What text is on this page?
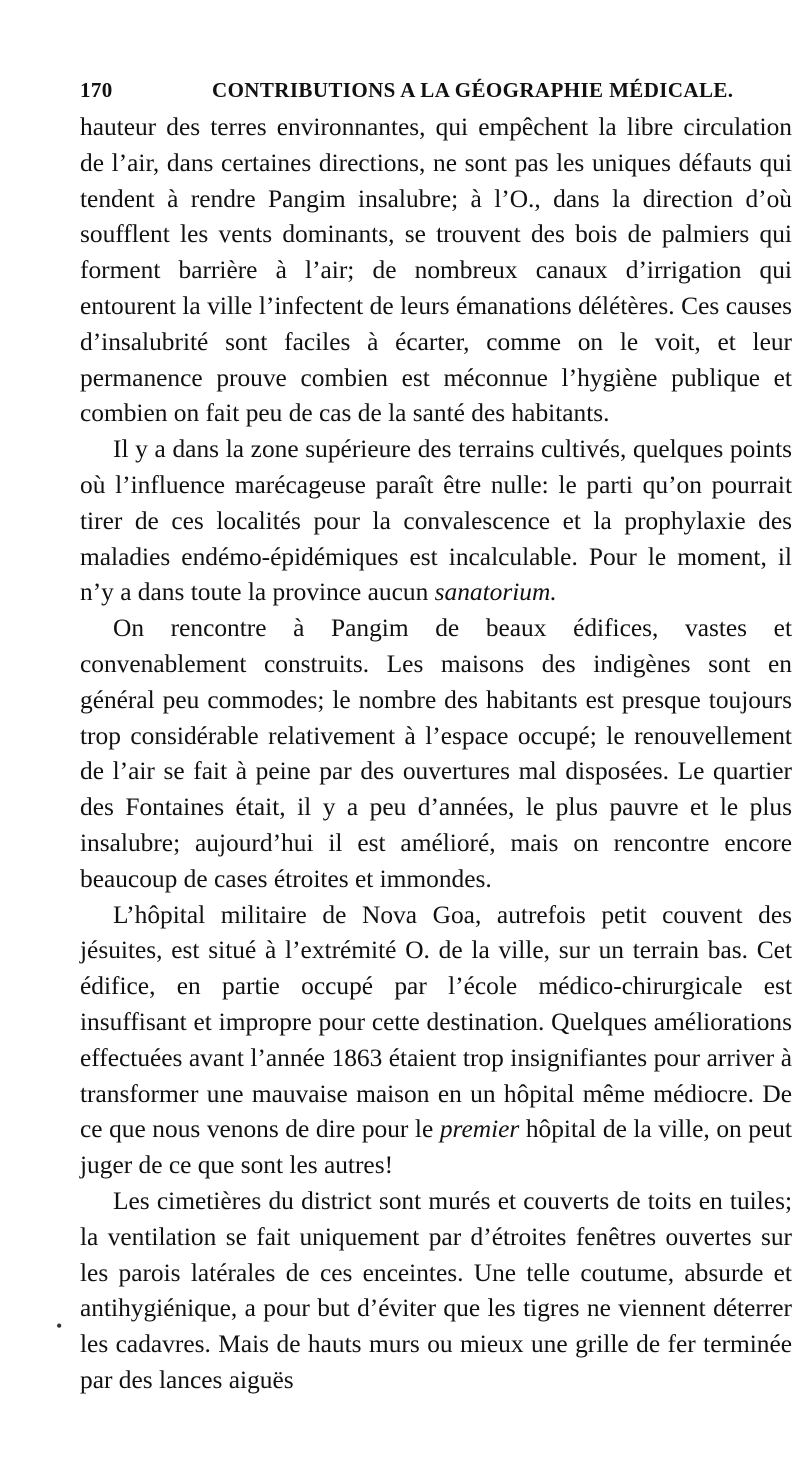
170	CONTRIBUTIONS A LA GÉOGRAPHIE MÉDICALE.

hauteur des terres environnantes, qui empêchent la libre circulation de l’air, dans certaines directions, ne sont pas les uniques défauts qui tendent à rendre Pangim insalubre; à l’O., dans la direction d’où soufflent les vents dominants, se trouvent des bois de palmiers qui forment barrière à l’air; de nombreux canaux d’irrigation qui entourent la ville l’infectent de leurs émanations délétères. Ces causes d’insalubrité sont faciles à écarter, comme on le voit, et leur permanence prouve combien est méconnue l’hygiène publique et combien on fait peu de cas de la santé des habitants.

Il y a dans la zone supérieure des terrains cultivés, quelques points où l’influence marécageuse paraît être nulle: le parti qu’on pourrait tirer de ces localités pour la convalescence et la prophylaxie des maladies endémo-épidémiques est incalculable. Pour le moment, il n’y a dans toute la province aucun sanatorium.

On rencontre à Pangim de beaux édifices, vastes et convenablement construits. Les maisons des indigènes sont en général peu commodes; le nombre des habitants est presque toujours trop considérable relativement à l’espace occupé; le renouvellement de l’air se fait à peine par des ouvertures mal disposées. Le quartier des Fontaines était, il y a peu d’années, le plus pauvre et le plus insalubre; aujourd’hui il est amélioré, mais on rencontre encore beaucoup de cases étroites et immondes.

L’hôpital militaire de Nova Goa, autrefois petit couvent des jésuites, est situé à l’extrémité O. de la ville, sur un terrain bas. Cet édifice, en partie occupé par l’école médico-chirurgicale est insuffisant et impropre pour cette destination. Quelques améliorations effectuées avant l’année 1863 étaient trop insignifiantes pour arriver à transformer une mauvaise maison en un hôpital même médiocre. De ce que nous venons de dire pour le premier hôpital de la ville, on peut juger de ce que sont les autres!

Les cimetières du district sont murés et couverts de toits en tuiles; la ventilation se fait uniquement par d’étroites fenêtres ouvertes sur les parois latérales de ces enceintes. Une telle coutume, absurde et antihygiénique, a pour but d’éviter que les tigres ne viennent déterrer les cadavres. Mais de hauts murs ou mieux une grille de fer terminée par des lances aiguës

•
